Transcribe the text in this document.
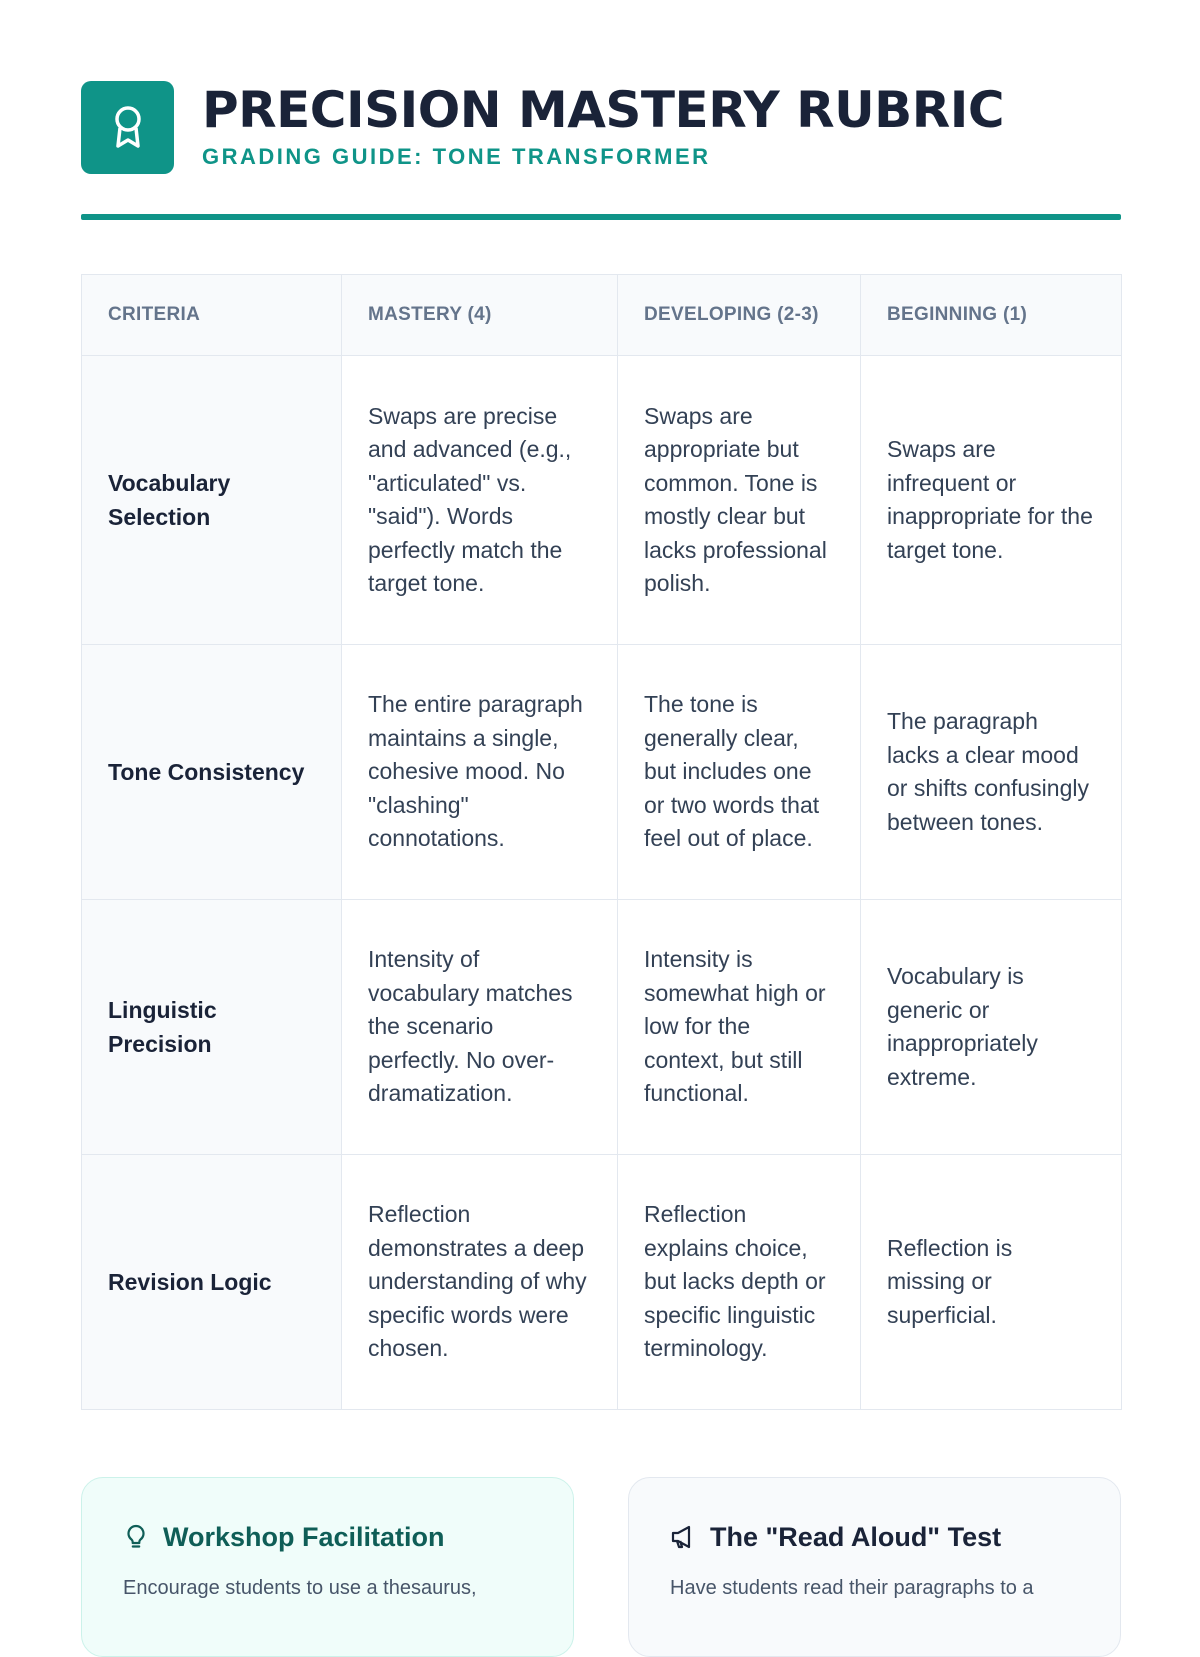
PRECISION MASTERY RUBRIC
GRADING GUIDE: TONE TRANSFORMER
CRITERIA	MASTERY (4)	DEVELOPING (2-3)	BEGINNING (1)
Vocabulary Selection	Swaps are precise and advanced (e.g., "articulated" vs. "said"). Words perfectly match the target tone.	Swaps are appropriate but common. Tone is mostly clear but lacks professional polish.	Swaps are infrequent or inappropriate for the target tone.
Tone Consistency	The entire paragraph maintains a single, cohesive mood. No "clashing" connotations.	The tone is generally clear, but includes one or two words that feel out of place.	The paragraph lacks a clear mood or shifts confusingly between tones.
Linguistic Precision	Intensity of vocabulary matches the scenario perfectly. No over-dramatization.	Intensity is somewhat high or low for the context, but still functional.	Vocabulary is generic or inappropriately extreme.
Revision Logic	Reflection demonstrates a deep understanding of why specific words were chosen.	Reflection explains choice, but lacks depth or specific linguistic terminology.	Reflection is missing or superficial.
Workshop Facilitation
Encourage students to use a thesaurus,
The "Read Aloud" Test
Have students read their paragraphs to a
